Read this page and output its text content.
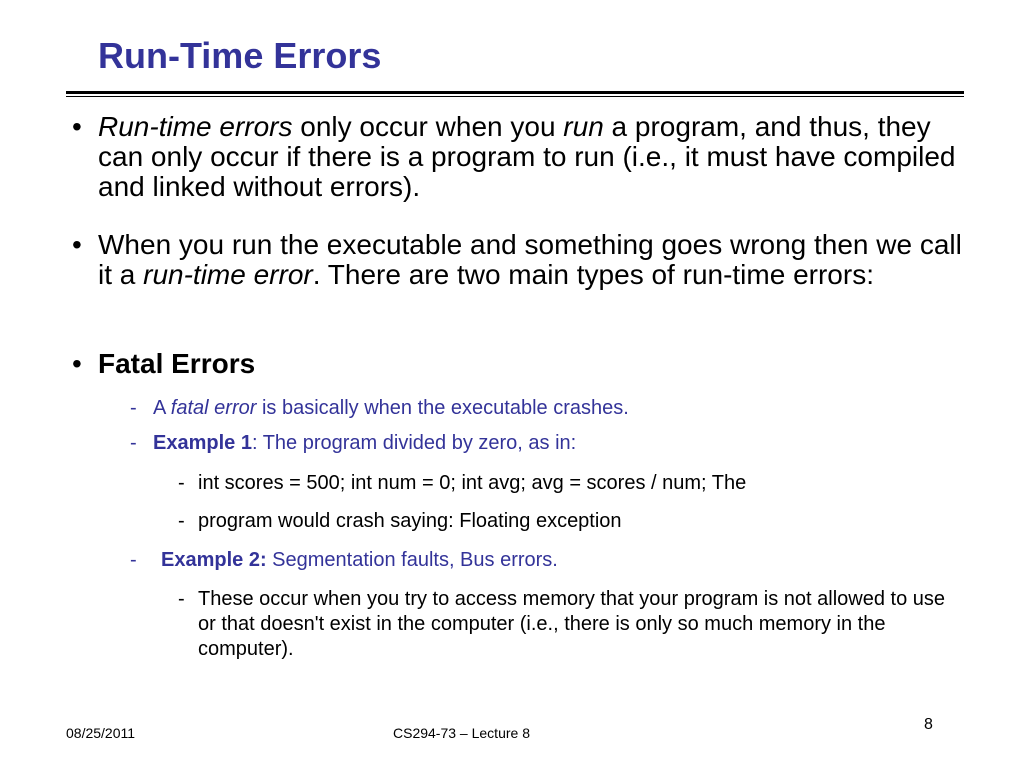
Run-Time Errors
• Run-time errors only occur when you run a program, and thus, they can only occur if there is a program to run (i.e., it must have compiled and linked without errors).
• When you run the executable and something goes wrong then we call it a run-time error. There are two main types of run-time errors:
• Fatal Errors
- A fatal error is basically when the executable crashes.
- Example 1: The program divided by zero, as in:
- int scores = 500; int num = 0; int avg; avg = scores / num; The
- program would crash saying: Floating exception
- Example 2: Segmentation faults, Bus errors.
- These occur when you try to access memory that your program is not allowed to use or that doesn't exist in the computer (i.e., there is only so much memory in the computer).
08/25/2011	CS294-73 – Lecture 8	8
